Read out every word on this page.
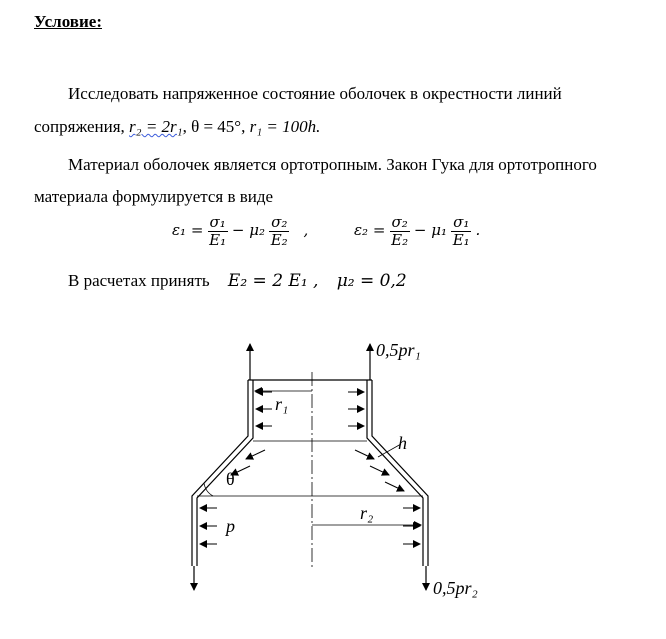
Условие:
Исследовать напряженное состояние оболочек в окрестности линий
сопряжения, r₂ = 2r₁, θ = 45°, r₁ = 100h.
Материал оболочек является ортотропным. Закон Гука для ортотропного
материала формулируется в виде
$\varepsilon_1 = \frac{\text{σ₁}}{\text{E₁}} - \mu_2 \frac{\text{σ₂}}{\text{E₂}}$ ,	$\varepsilon_2 = \frac{\text{σ₂}}{\text{E₂}} - \mu_1 \frac{\text{σ₁}}{\text{E₁}}$ .
В расчетах принять E₂ = 2 E₁ , μ₂ = 0,2
0,5pr₁
0,5pr₂
r₁
r₂
h
θ
p
